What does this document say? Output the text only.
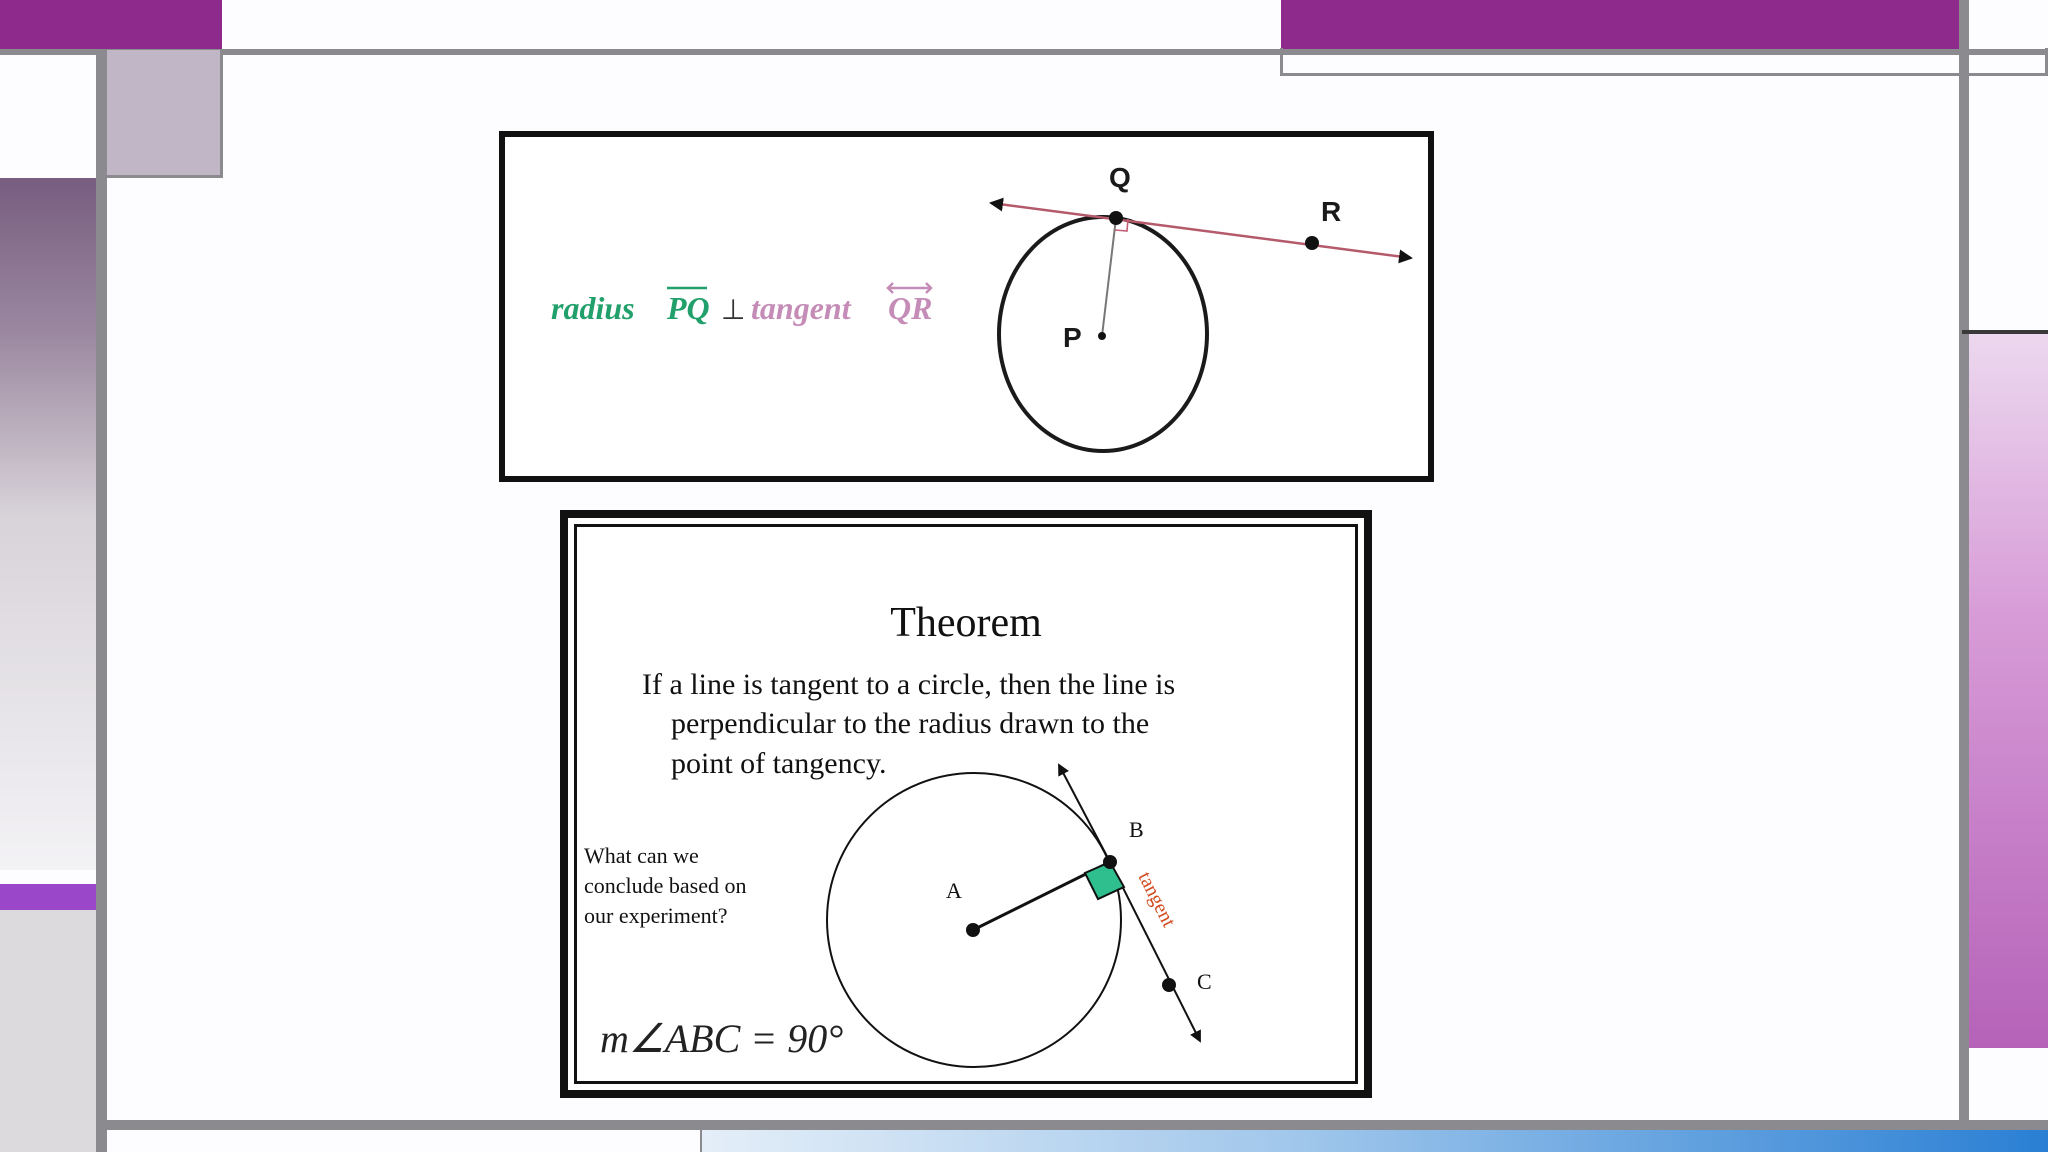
radius PQ ⊥ tangent QR
Q
R
P
Theorem
If a line is tangent to a circle, then the line is
perpendicular to the radius drawn to the
point of tangency.
What can we
conclude based on
our experiment?
A
B
C
tangent
m∠ABC = 90°
